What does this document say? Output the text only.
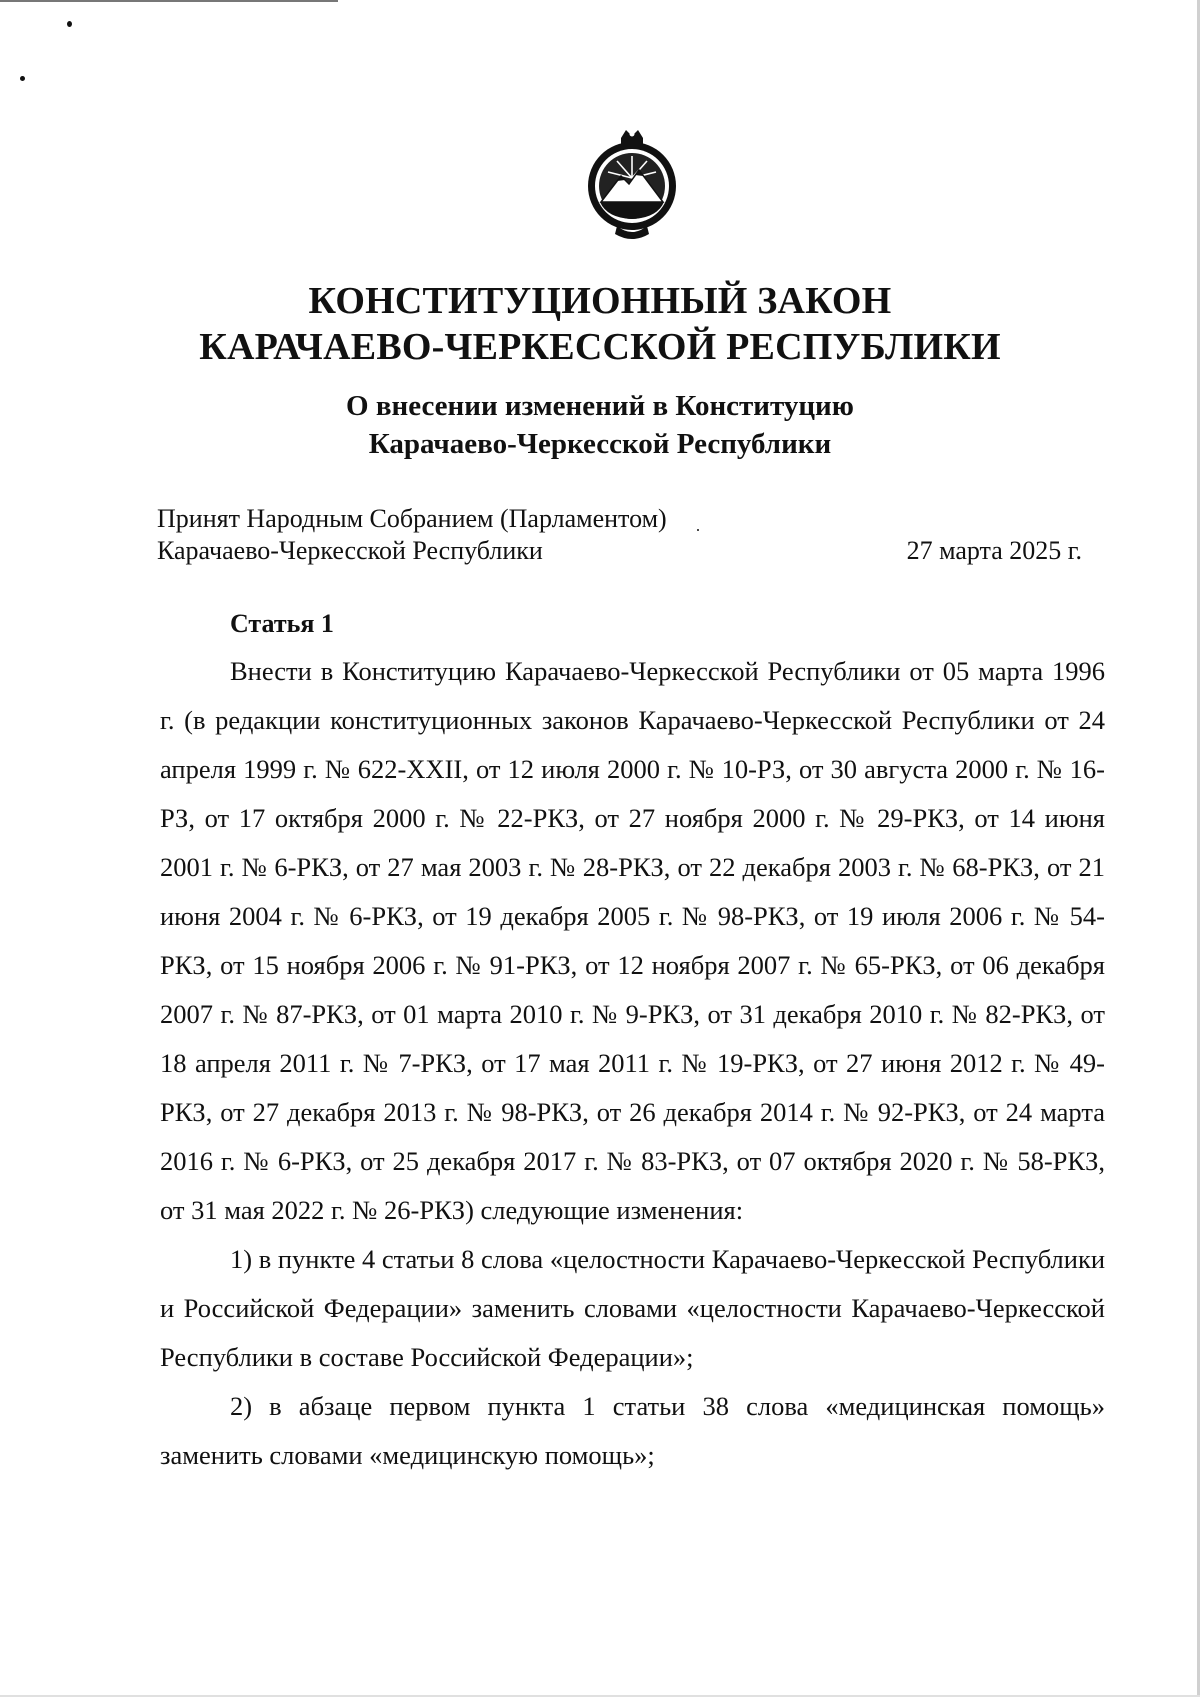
КОНСТИТУЦИОННЫЙ ЗАКОН
КАРАЧАЕВО-ЧЕРКЕССКОЙ РЕСПУБЛИКИ
О внесении изменений в Конституцию
Карачаево-Черкесской Республики
Принят Народным Собранием (Парламентом)
Карачаево-Черкесской Республики	27 марта 2025 г.
Статья 1

Внести в Конституцию Карачаево-Черкесской Республики от 05 марта 1996 г. (в редакции конституционных законов Карачаево-Черкесской Республики от 24 апреля 1999 г. № 622-XXII, от 12 июля 2000 г. № 10-РЗ, от 30 августа 2000 г. № 16-РЗ, от 17 октября 2000 г. № 22-РКЗ, от 27 ноября 2000 г. № 29-РКЗ, от 14 июня 2001 г. № 6-РКЗ, от 27 мая 2003 г. № 28-РКЗ, от 22 декабря 2003 г. № 68-РКЗ, от 21 июня 2004 г. № 6-РКЗ, от 19 декабря 2005 г. № 98-РКЗ, от 19 июля 2006 г. № 54-РКЗ, от 15 ноября 2006 г. № 91-РКЗ, от 12 ноября 2007 г. № 65-РКЗ, от 06 декабря 2007 г. № 87-РКЗ, от 01 марта 2010 г. № 9-РКЗ, от 31 декабря 2010 г. № 82-РКЗ, от 18 апреля 2011 г. № 7-РКЗ, от 17 мая 2011 г. № 19-РКЗ, от 27 июня 2012 г. № 49-РКЗ, от 27 декабря 2013 г. № 98-РКЗ, от 26 декабря 2014 г. № 92-РКЗ, от 24 марта 2016 г. № 6-РКЗ, от 25 декабря 2017 г. № 83-РКЗ, от 07 октября 2020 г. № 58-РКЗ, от 31 мая 2022 г. № 26-РКЗ) следующие изменения:

1) в пункте 4 статьи 8 слова «целостности Карачаево-Черкесской Республики и Российской Федерации» заменить словами «целостности Карачаево-Черкесской Республики в составе Российской Федерации»;

2) в абзаце первом пункта 1 статьи 38 слова «медицинская помощь» заменить словами «медицинскую помощь»;
